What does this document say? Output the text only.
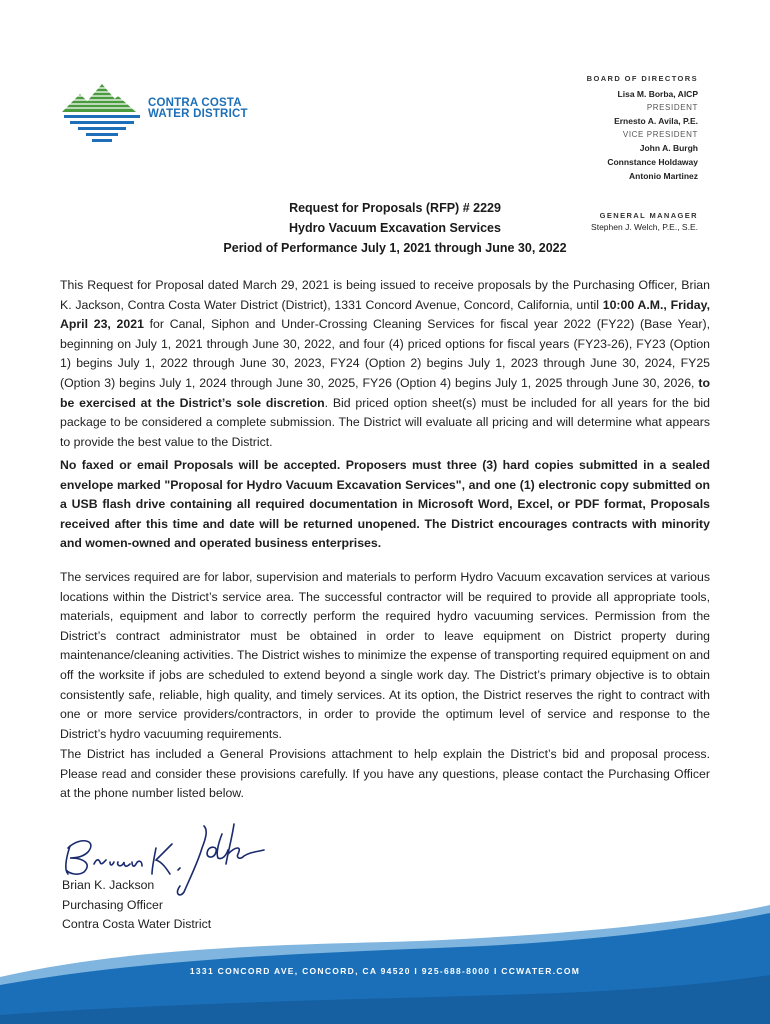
CONTRA COSTA
WATER DISTRICT
BOARD OF DIRECTORS
Lisa M. Borba, AICP
PRESIDENT
Ernesto A. Avila, P.E.
VICE PRESIDENT
John A. Burgh
Connstance Holdaway
Antonio Martinez
GENERAL MANAGER
Stephen J. Welch, P.E., S.E.
Request for Proposals (RFP) # 2229
Hydro Vacuum Excavation Services
Period of Performance July 1, 2021 through June 30, 2022
This Request for Proposal dated March 29, 2021 is being issued to receive proposals by the Purchasing Officer, Brian K. Jackson, Contra Costa Water District (District), 1331 Concord Avenue, Concord, California, until 10:00 A.M., Friday, April 23, 2021 for Canal, Siphon and Under-Crossing Cleaning Services for fiscal year 2022 (FY22) (Base Year), beginning on July 1, 2021 through June 30, 2022, and four (4) priced options for fiscal years (FY23-26), FY23 (Option 1) begins July 1, 2022 through June 30, 2023, FY24 (Option 2) begins July 1, 2023 through June 30, 2024, FY25 (Option 3) begins July 1, 2024 through June 30, 2025, FY26 (Option 4) begins July 1, 2025 through June 30, 2026, to be exercised at the District’s sole discretion. Bid priced option sheet(s) must be included for all years for the bid package to be considered a complete submission. The District will evaluate all pricing and will determine what appears to provide the best value to the District.
No faxed or email Proposals will be accepted. Proposers must three (3) hard copies submitted in a sealed envelope marked "Proposal for Hydro Vacuum Excavation Services", and one (1) electronic copy submitted on a USB flash drive containing all required documentation in Microsoft Word, Excel, or PDF format, Proposals received after this time and date will be returned unopened. The District encourages contracts with minority and women-owned and operated business enterprises.
The services required are for labor, supervision and materials to perform Hydro Vacuum excavation services at various locations within the District’s service area. The successful contractor will be required to provide all appropriate tools, materials, equipment and labor to correctly perform the required hydro vacuuming services. Permission from the District’s contract administrator must be obtained in order to leave equipment on District property during maintenance/cleaning activities. The District wishes to minimize the expense of transporting required equipment on and off the worksite if jobs are scheduled to extend beyond a single work day. The District’s primary objective is to obtain consistently safe, reliable, high quality, and timely services. At its option, the District reserves the right to contract with one or more service providers/contractors, in order to provide the optimum level of service and response to the District’s hydro vacuuming requirements.
The District has included a General Provisions attachment to help explain the District’s bid and proposal process. Please read and consider these provisions carefully. If you have any questions, please contact the Purchasing Officer at the phone number listed below.
Brian K. Jackson
Purchasing Officer
Contra Costa Water District
1331 CONCORD AVE, CONCORD, CA 94520 I 925-688-8000 I CCWATER.COM
